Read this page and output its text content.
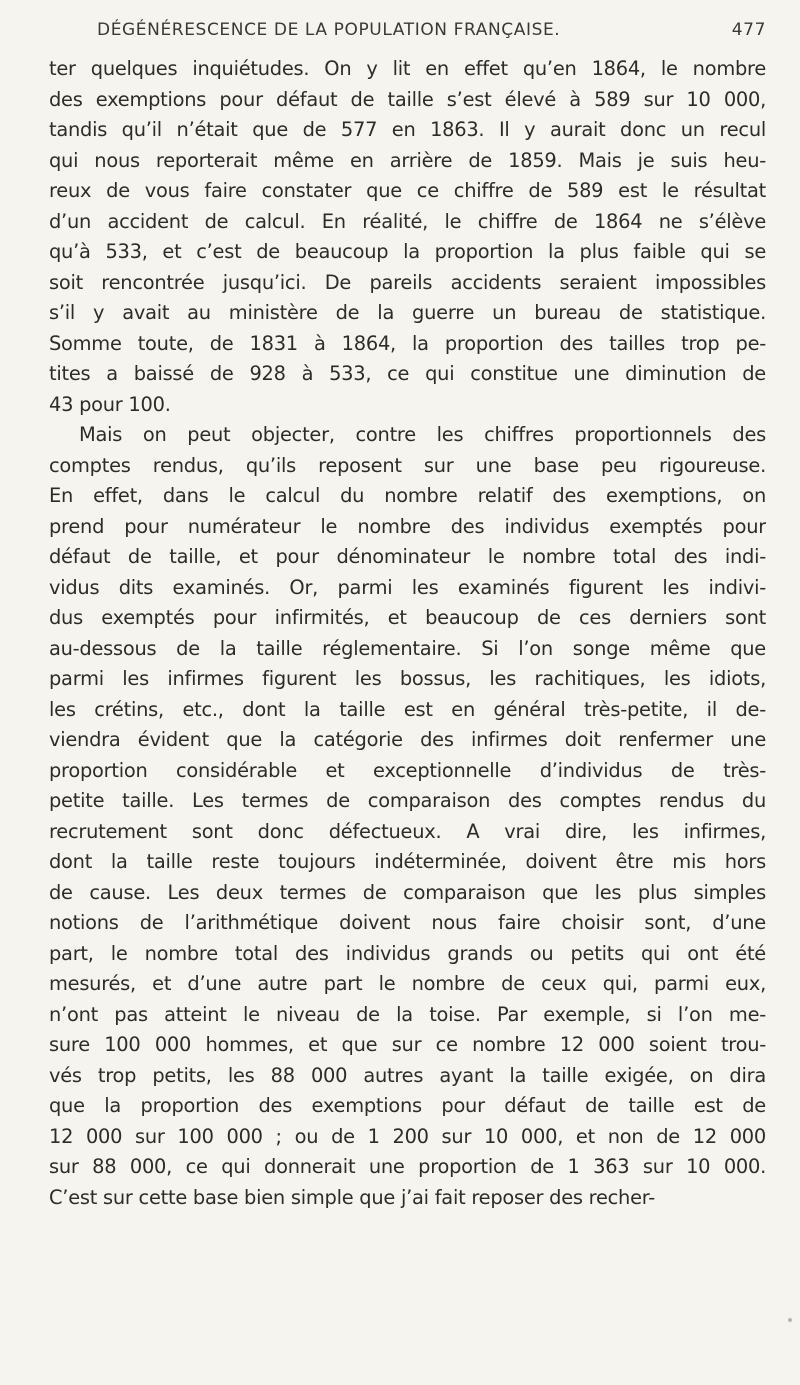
DÉGÉNÉRESCENCE DE LA POPULATION FRANÇAISE.	477
ter quelques inquiétudes. On y lit en effet qu’en 1864, le nombre
des exemptions pour défaut de taille s’est élevé à 589 sur 10 000,
tandis qu’il n’était que de 577 en 1863. Il y aurait donc un recul
qui nous reporterait même en arrière de 1859. Mais je suis heu-
reux de vous faire constater que ce chiffre de 589 est le résultat
d’un accident de calcul. En réalité, le chiffre de 1864 ne s’élève
qu’à 533, et c’est de beaucoup la proportion la plus faible qui se
soit rencontrée jusqu’ici. De pareils accidents seraient impossibles
s’il y avait au ministère de la guerre un bureau de statistique.
Somme toute, de 1831 à 1864, la proportion des tailles trop pe-
tites a baissé de 928 à 533, ce qui constitue une diminution de
43 pour 100.
Mais on peut objecter, contre les chiffres proportionnels des
comptes rendus, qu’ils reposent sur une base peu rigoureuse.
En effet, dans le calcul du nombre relatif des exemptions, on
prend pour numérateur le nombre des individus exemptés pour
défaut de taille, et pour dénominateur le nombre total des indi-
vidus dits examinés. Or, parmi les examinés figurent les indivi-
dus exemptés pour infirmités, et beaucoup de ces derniers sont
au-dessous de la taille réglementaire. Si l’on songe même que
parmi les infirmes figurent les bossus, les rachitiques, les idiots,
les crétins, etc., dont la taille est en général très-petite, il de-
viendra évident que la catégorie des infirmes doit renfermer une
proportion considérable et exceptionnelle d’individus de très-
petite taille. Les termes de comparaison des comptes rendus du
recrutement sont donc défectueux. A vrai dire, les infirmes,
dont la taille reste toujours indéterminée, doivent être mis hors
de cause. Les deux termes de comparaison que les plus simples
notions de l’arithmétique doivent nous faire choisir sont, d’une
part, le nombre total des individus grands ou petits qui ont été
mesurés, et d’une autre part le nombre de ceux qui, parmi eux,
n’ont pas atteint le niveau de la toise. Par exemple, si l’on me-
sure 100 000 hommes, et que sur ce nombre 12 000 soient trou-
vés trop petits, les 88 000 autres ayant la taille exigée, on dira
que la proportion des exemptions pour défaut de taille est de
12 000 sur 100 000 ; ou de 1 200 sur 10 000, et non de 12 000
sur 88 000, ce qui donnerait une proportion de 1 363 sur 10 000.
C’est sur cette base bien simple que j’ai fait reposer des recher-
